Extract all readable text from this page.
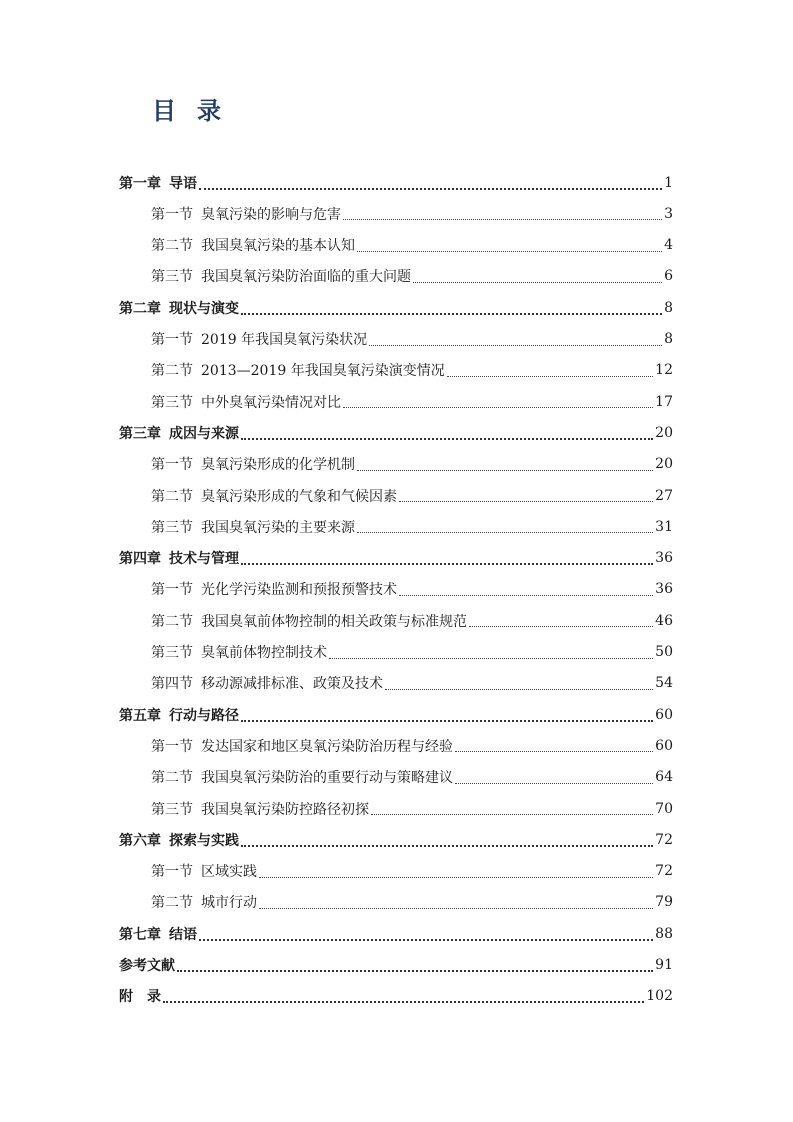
目 录
第一章 导语	1
第一节 臭氧污染的影响与危害	3
第二节 我国臭氧污染的基本认知	4
第三节 我国臭氧污染防治面临的重大问题	6
第二章 现状与演变	8
第一节 2019 年我国臭氧污染状况	8
第二节 2013—2019 年我国臭氧污染演变情况	12
第三节 中外臭氧污染情况对比	17
第三章 成因与来源	20
第一节 臭氧污染形成的化学机制	20
第二节 臭氧污染形成的气象和气候因素	27
第三节 我国臭氧污染的主要来源	31
第四章 技术与管理	36
第一节 光化学污染监测和预报预警技术	36
第二节 我国臭氧前体物控制的相关政策与标准规范	46
第三节 臭氧前体物控制技术	50
第四节 移动源减排标准、政策及技术	54
第五章 行动与路径	60
第一节 发达国家和地区臭氧污染防治历程与经验	60
第二节 我国臭氧污染防治的重要行动与策略建议	64
第三节 我国臭氧污染防控路径初探	70
第六章 探索与实践	72
第一节 区域实践	72
第二节 城市行动	79
第七章 结语	88
参考文献	91
附　录	102
